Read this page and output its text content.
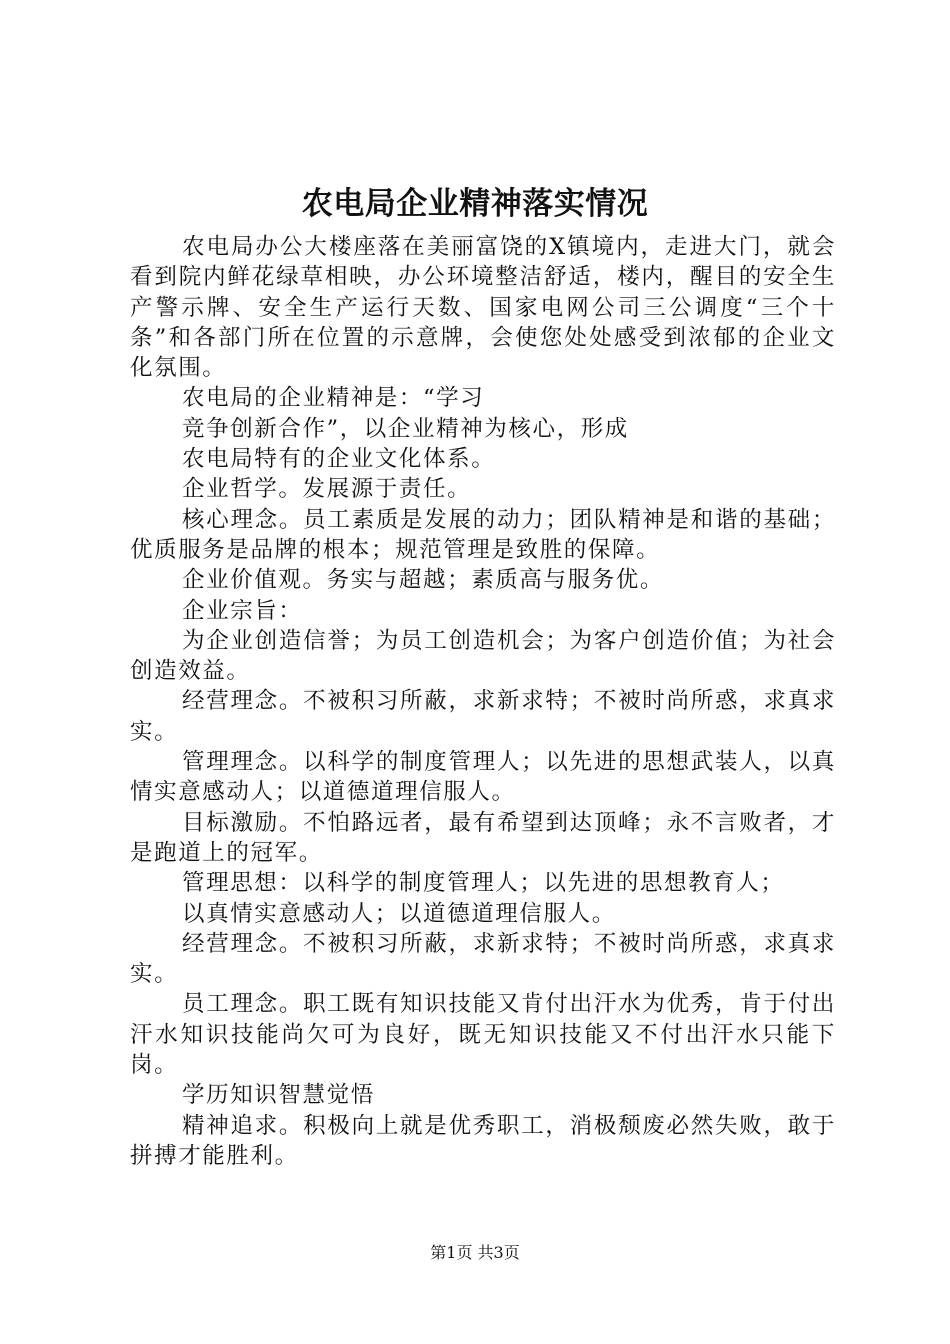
农电局企业精神落实情况

农电局办公大楼座落在美丽富饶的X镇境内，走进大门，就会看到院内鲜花绿草相映，办公环境整洁舒适，楼内，醒目的安全生产警示牌、安全生产运行天数、国家电网公司三公调度“三个十条”和各部门所在位置的示意牌，会使您处处感受到浓郁的企业文化氛围。

农电局的企业精神是：“学习

竞争创新合作”，以企业精神为核心，形成

农电局特有的企业文化体系。

企业哲学。发展源于责任。

核心理念。员工素质是发展的动力；团队精神是和谐的基础；优质服务是品牌的根本；规范管理是致胜的保障。

企业价值观。务实与超越；素质高与服务优。

企业宗旨：

为企业创造信誉；为员工创造机会；为客户创造价值；为社会创造效益。

经营理念。不被积习所蔽，求新求特；不被时尚所惑，求真求实。

管理理念。以科学的制度管理人；以先进的思想武装人，以真情实意感动人；以道德道理信服人。

目标激励。不怕路远者，最有希望到达顶峰；永不言败者，才是跑道上的冠军。

管理思想：以科学的制度管理人；以先进的思想教育人；

以真情实意感动人；以道德道理信服人。

经营理念。不被积习所蔽，求新求特；不被时尚所惑，求真求实。

员工理念。职工既有知识技能又肯付出汗水为优秀，肯于付出汗水知识技能尚欠可为良好，既无知识技能又不付出汗水只能下岗。

学历知识智慧觉悟

精神追求。积极向上就是优秀职工，消极颓废必然失败，敢于拼搏才能胜利。

第1页 共3页
